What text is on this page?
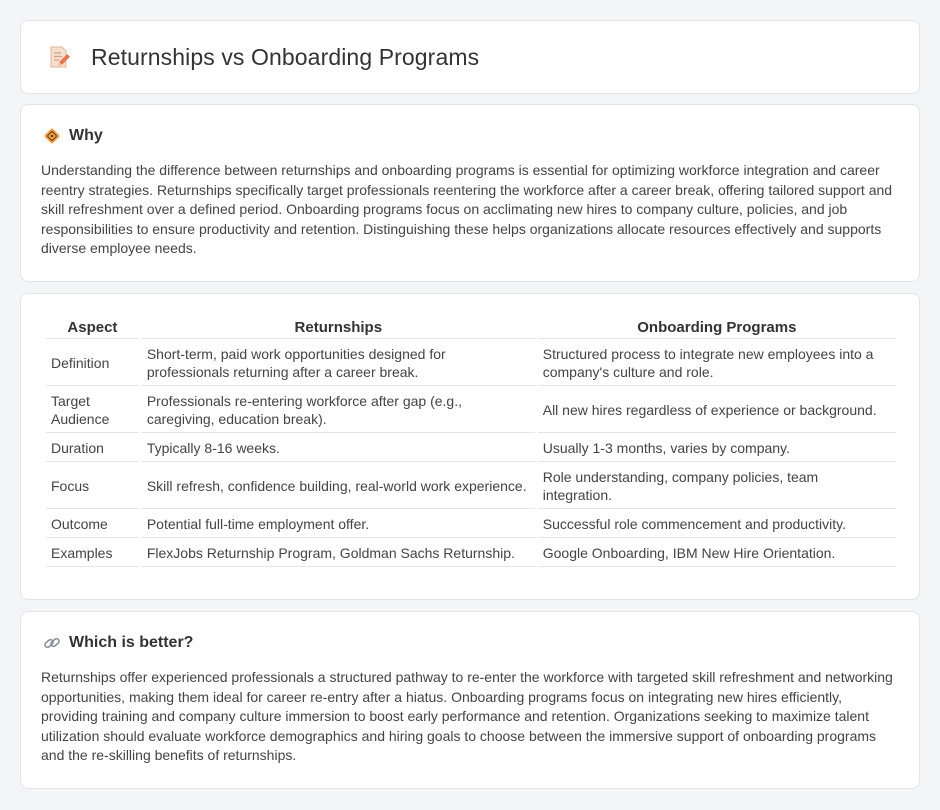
Returnships vs Onboarding Programs
Why

Understanding the difference between returnships and onboarding programs is essential for optimizing workforce integration and career reentry strategies. Returnships specifically target professionals reentering the workforce after a career break, offering tailored support and skill refreshment over a defined period. Onboarding programs focus on acclimating new hires to company culture, policies, and job responsibilities to ensure productivity and retention. Distinguishing these helps organizations allocate resources effectively and supports diverse employee needs.

Aspect	Returnships	Onboarding Programs
Definition	Short-term, paid work opportunities designed for professionals returning after a career break.	Structured process to integrate new employees into a company's culture and role.
Target Audience	Professionals re-entering workforce after gap (e.g., caregiving, education break).	All new hires regardless of experience or background.
Duration	Typically 8-16 weeks.	Usually 1-3 months, varies by company.
Focus	Skill refresh, confidence building, real-world work experience.	Role understanding, company policies, team integration.
Outcome	Potential full-time employment offer.	Successful role commencement and productivity.
Examples	FlexJobs Returnship Program, Goldman Sachs Returnship.	Google Onboarding, IBM New Hire Orientation.
Which is better?

Returnships offer experienced professionals a structured pathway to re-enter the workforce with targeted skill refreshment and networking opportunities, making them ideal for career re-entry after a hiatus. Onboarding programs focus on integrating new hires efficiently, providing training and company culture immersion to boost early performance and retention. Organizations seeking to maximize talent utilization should evaluate workforce demographics and hiring goals to choose between the immersive support of onboarding programs and the re-skilling benefits of returnships.
